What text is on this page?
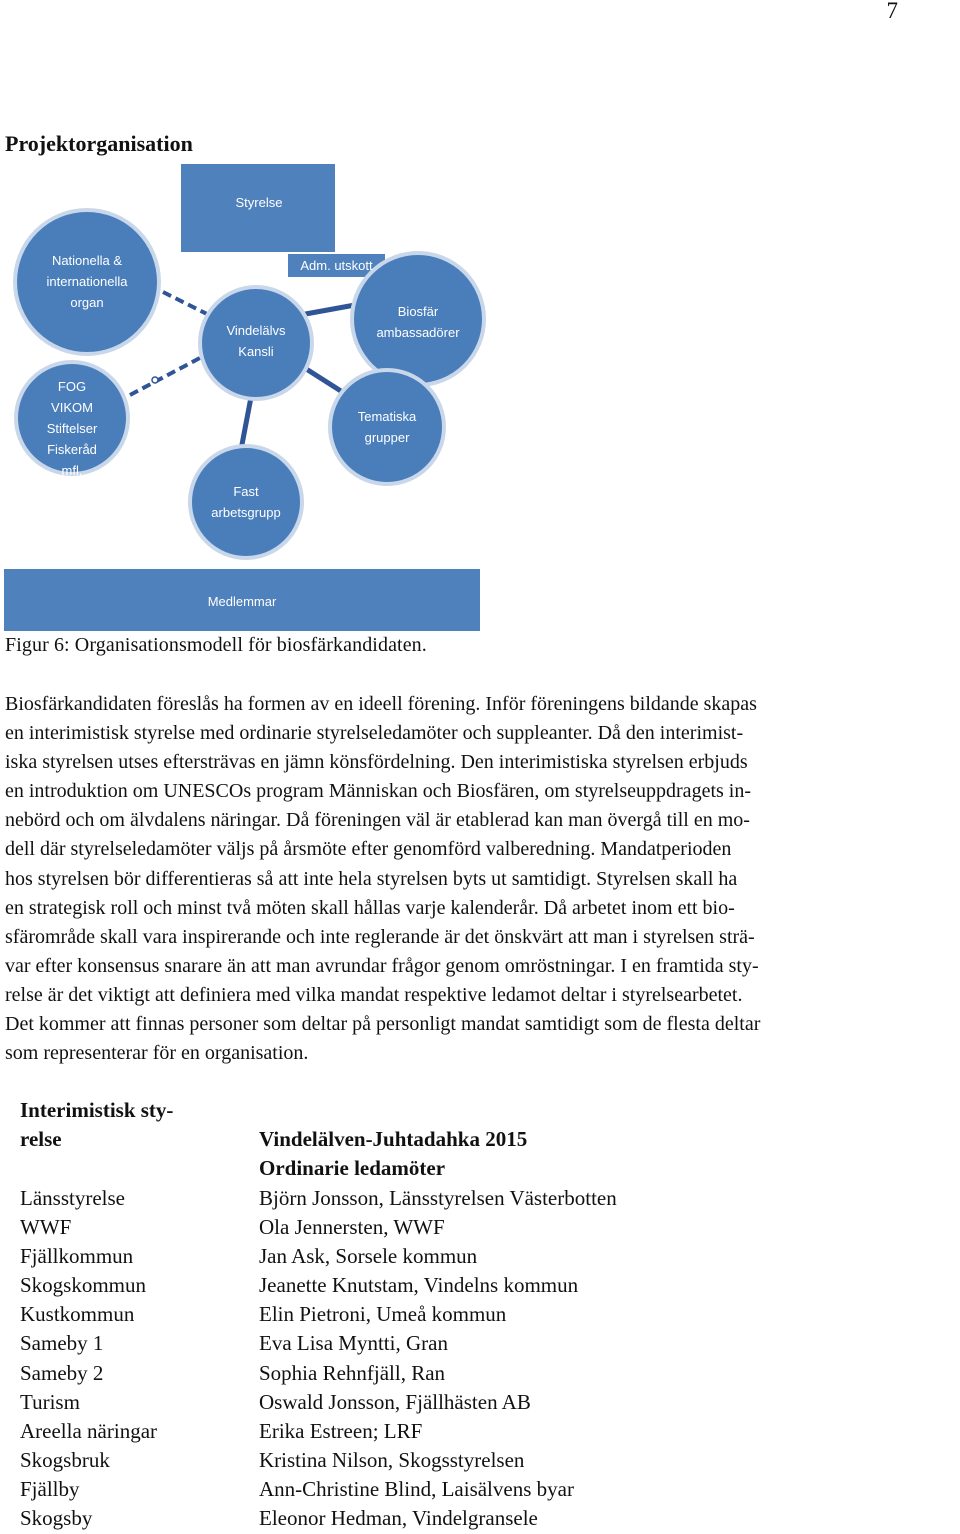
7
Projektorganisation
Styrelse
Adm. utskott
Nationella &
internationella
organ
Vindelälvs
Kansli
Biosfär
ambassadörer
FOG
VIKOM
Stiftelser
Fiskeråd
mfl.
Tematiska
grupper
Fast
arbetsgrupp
Medlemmar

Figur 6: Organisationsmodell för biosfärkandidaten.

Biosfärkandidaten föreslås ha formen av en ideell förening. Inför föreningens bildande skapas
en interimistisk styrelse med ordinarie styrelseledamöter och suppleanter. Då den interimist-
iska styrelsen utses eftersträvas en jämn könsfördelning. Den interimistiska styrelsen erbjuds
en introduktion om UNESCOs program Människan och Biosfären, om styrelseuppdragets in-
nebörd och om älvdalens näringar. Då föreningen väl är etablerad kan man övergå till en mo-
dell där styrelseledamöter väljs på årsmöte efter genomförd valberedning. Mandatperioden
hos styrelsen bör differentieras så att inte hela styrelsen byts ut samtidigt. Styrelsen skall ha
en strategisk roll och minst två möten skall hållas varje kalenderår. Då arbetet inom ett bio-
sfärområde skall vara inspirerande och inte reglerande är det önskvärt att man i styrelsen strä-
var efter konsensus snarare än att man avrundar frågor genom omröstningar. I en framtida sty-
relse är det viktigt att definiera med vilka mandat respektive ledamot deltar i styrelsearbetet.
Det kommer att finnas personer som deltar på personligt mandat samtidigt som de flesta deltar
som representerar för en organisation.

Interimistisk sty-
relse	Vindelälven-Juhtadahka 2015
Ordinarie ledamöter
Länsstyrelse	Björn Jonsson, Länsstyrelsen Västerbotten
WWF	Ola Jennersten, WWF
Fjällkommun	Jan Ask, Sorsele kommun
Skogskommun	Jeanette Knutstam, Vindelns kommun
Kustkommun	Elin Pietroni, Umeå kommun
Sameby 1	Eva Lisa Myntti, Gran
Sameby 2	Sophia Rehnfjäll, Ran
Turism	Oswald Jonsson, Fjällhästen AB
Areella näringar	Erika Estreen; LRF
Skogsbruk	Kristina Nilson, Skogsstyrelsen
Fjällby	Ann-Christine Blind, Laisälvens byar
Skogsby	Eleonor Hedman, Vindelgransele
